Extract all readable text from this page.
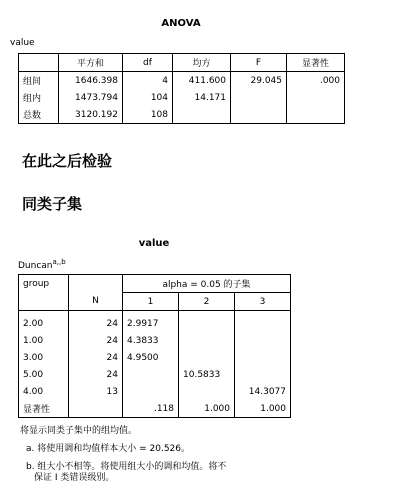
ANOVA
value
	平方和	df	均方	F	显著性
组间	1646.398	4	411.600	29.045	.000
组内	1473.794	104	14.171		
总数	3120.192	108			
在此之后检验
同类子集
value
Duncan$^{a,,b}$
group		alpha = 0.05 的子集		
	N	1	2	3

2.00	24	2.9917		
1.00	24	4.3833		
3.00	24	4.9500		
5.00	24		10.5833	
4.00	13			14.3077
显著性		.118	1.000	1.000
将显示同类子集中的组均值。
a. 将使用调和均值样本大小 = 20.526。
b. 组大小不相等。将使用组大小的调和均值。将不
保证 I 类错误级别。
